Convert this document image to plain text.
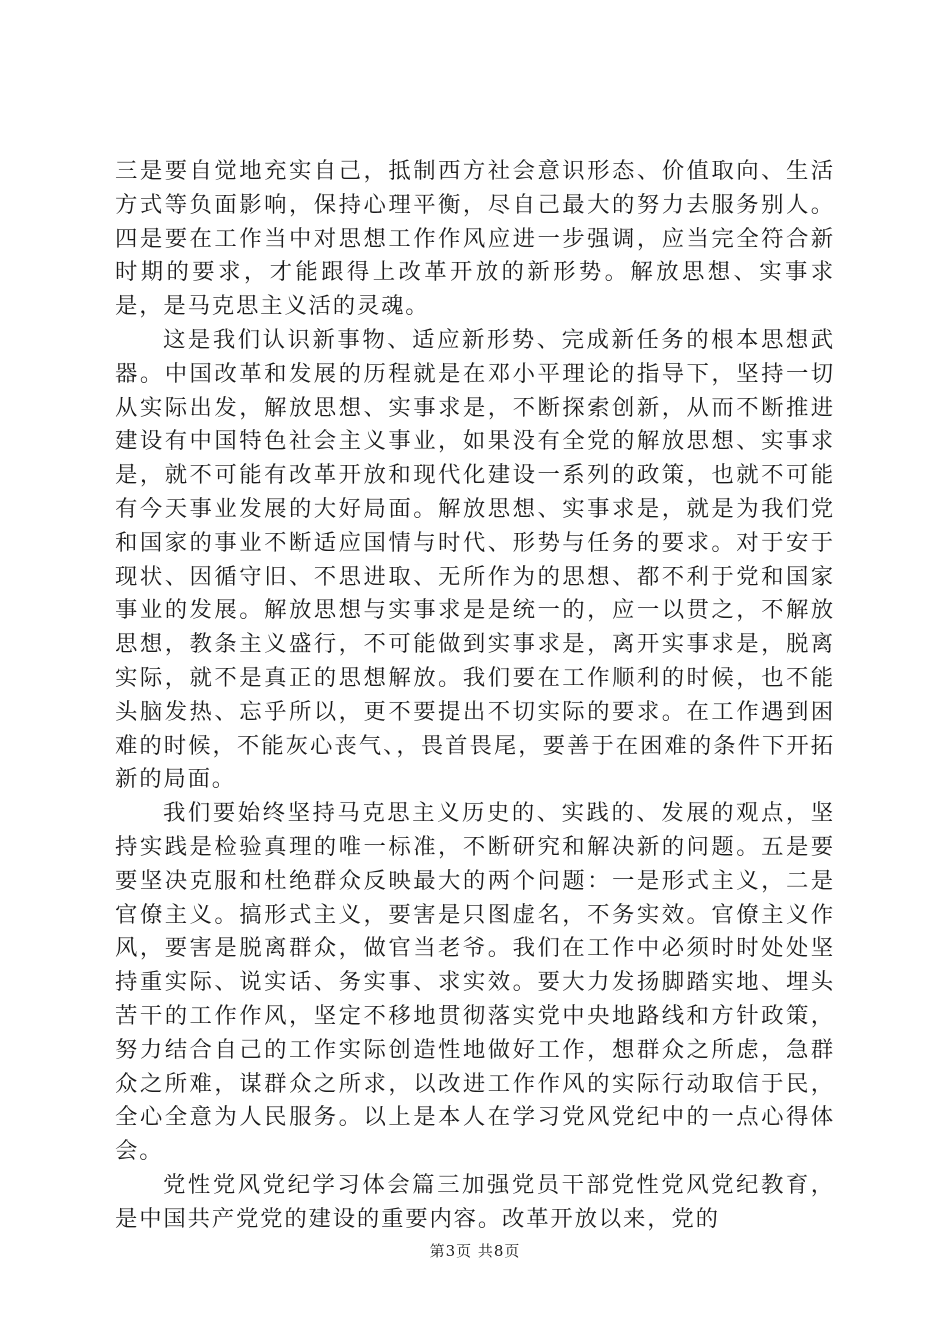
三是要自觉地充实自己，抵制西方社会意识形态、价值取向、生活方式等负面影响，保持心理平衡，尽自己最大的努力去服务别人。四是要在工作当中对思想工作作风应进一步强调，应当完全符合新时期的要求，才能跟得上改革开放的新形势。解放思想、实事求是，是马克思主义活的灵魂。

这是我们认识新事物、适应新形势、完成新任务的根本思想武器。中国改革和发展的历程就是在邓小平理论的指导下，坚持一切从实际出发，解放思想、实事求是，不断探索创新，从而不断推进建设有中国特色社会主义事业，如果没有全党的解放思想、实事求是，就不可能有改革开放和现代化建设一系列的政策，也就不可能有今天事业发展的大好局面。解放思想、实事求是，就是为我们党和国家的事业不断适应国情与时代、形势与任务的要求。对于安于现状、因循守旧、不思进取、无所作为的思想、都不利于党和国家事业的发展。解放思想与实事求是是统一的，应一以贯之，不解放思想，教条主义盛行，不可能做到实事求是，离开实事求是，脱离实际，就不是真正的思想解放。我们要在工作顺利的时候，也不能头脑发热、忘乎所以，更不要提出不切实际的要求。在工作遇到困难的时候，不能灰心丧气、，畏首畏尾，要善于在困难的条件下开拓新的局面。

我们要始终坚持马克思主义历史的、实践的、发展的观点，坚持实践是检验真理的唯一标准，不断研究和解决新的问题。五是要要坚决克服和杜绝群众反映最大的两个问题：一是形式主义，二是官僚主义。搞形式主义，要害是只图虚名，不务实效。官僚主义作风，要害是脱离群众，做官当老爷。我们在工作中必须时时处处坚持重实际、说实话、务实事、求实效。要大力发扬脚踏实地、埋头苦干的工作作风，坚定不移地贯彻落实党中央地路线和方针政策，努力结合自己的工作实际创造性地做好工作，想群众之所虑，急群众之所难，谋群众之所求，以改进工作作风的实际行动取信于民，全心全意为人民服务。以上是本人在学习党风党纪中的一点心得体会。

党性党风党纪学习体会篇三加强党员干部党性党风党纪教育，是中国共产党党的建设的重要内容。改革开放以来，党的

第3页 共8页
